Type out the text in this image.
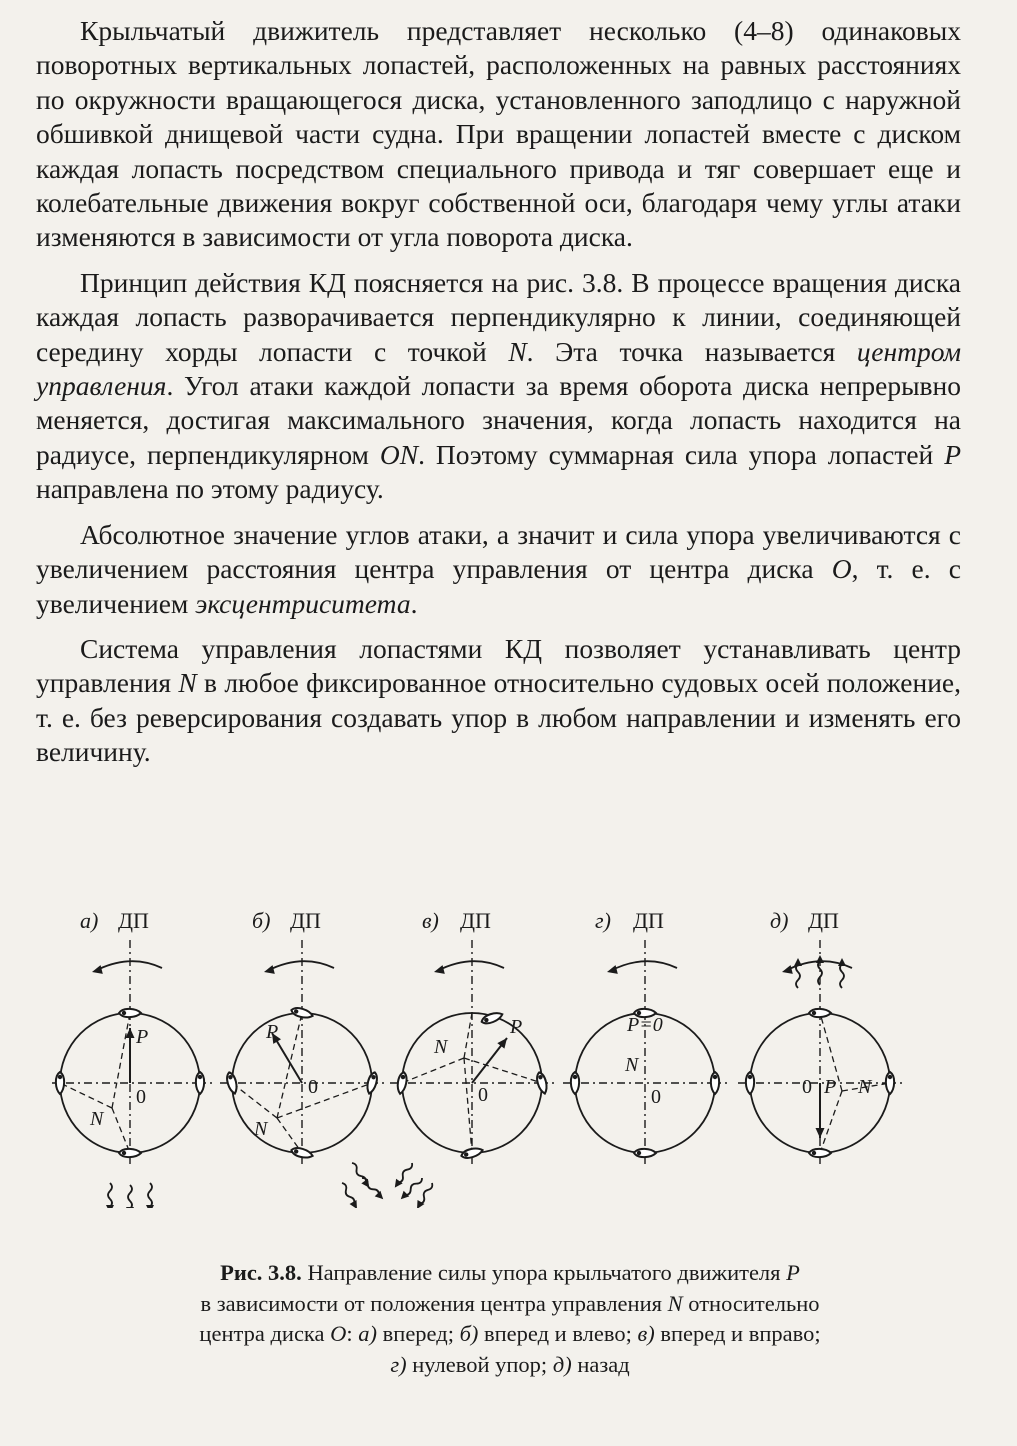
Крыльчатый движитель представляет несколько (4–8) одинаковых поворотных вертикальных лопастей, расположенных на равных расстояниях по окружности вращающегося диска, установленного заподлицо с наружной обшивкой днищевой части судна. При вращении лопастей вместе с диском каждая лопасть посредством специального привода и тяг совершает еще и колебательные движения вокруг собственной оси, благодаря чему углы атаки изменяются в зависимости от угла поворота диска.

Принцип действия КД поясняется на рис. 3.8. В процессе вращения диска каждая лопасть разворачивается перпендикулярно к линии, соединяющей середину хорды лопасти с точкой N. Эта точка называется центром управления. Угол атаки каждой лопасти за время оборота диска непрерывно меняется, достигая максимального значения, когда лопасть находится на радиусе, перпендикулярном ON. Поэтому суммарная сила упора лопастей P направлена по этому радиусу.

Абсолютное значение углов атаки, а значит и сила упора увеличиваются с увеличением расстояния центра управления от центра диска O, т. е. с увеличением эксцентриситета.

Система управления лопастями КД позволяет устанавливать центр управления N в любое фиксированное относительно судовых осей положение, т. е. без реверсирования создавать упор в любом направлении и изменять его величину.

а) ДП
P
N
0
б) ДП
P
N
0
в) ДП
P
N
0
г) ДП
P=0
N
0
д) ДП
P N
0
Рис. 3.8. Направление силы упора крыльчатого движителя P
в зависимости от положения центра управления N относительно
центра диска O: а) вперед; б) вперед и влево; в) вперед и вправо;
г) нулевой упор; д) назад
